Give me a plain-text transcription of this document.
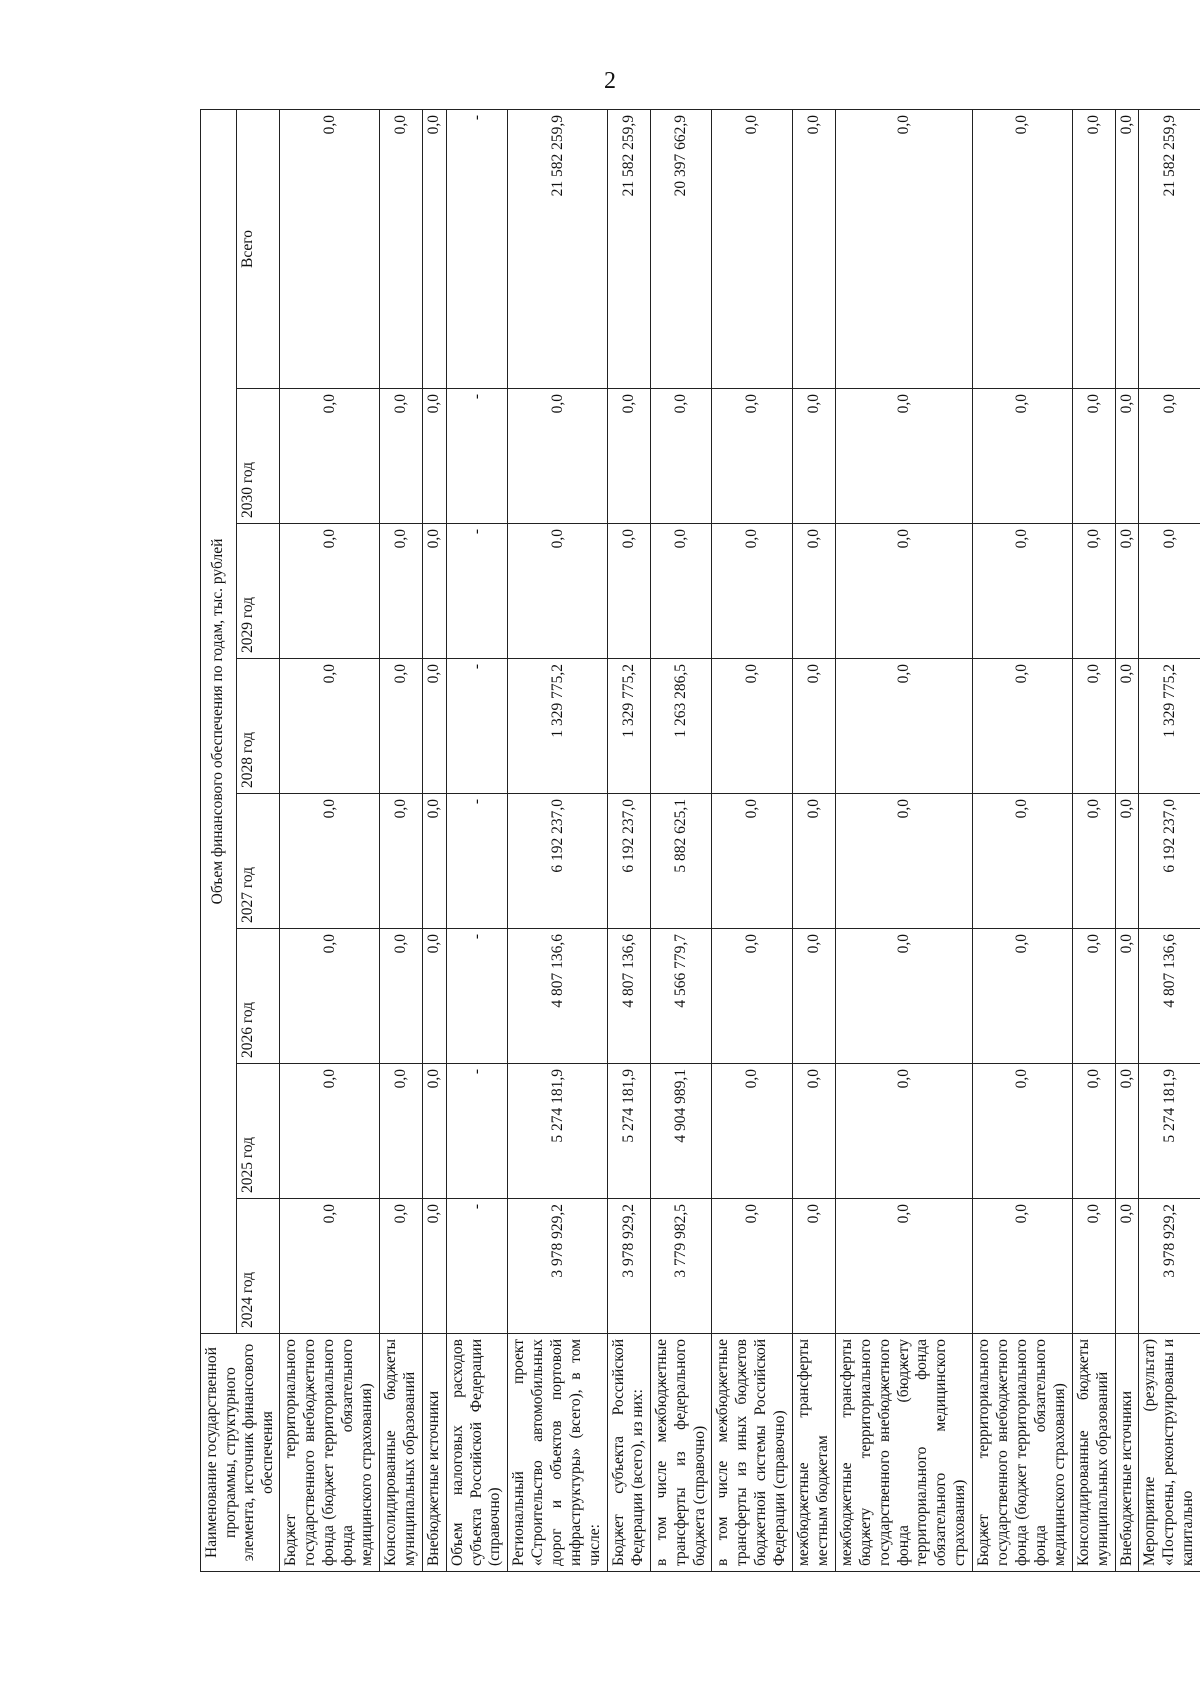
2
Наименование государственной программы, структурного элемента, источник финансового обеспечения	Объем финансового обеспечения по годам, тыс. рублей							
	2024 год	2025 год	2026 год	2027 год	2028 год	2029 год	2030 год	Всего
Бюджет территориального государственного внебюджетного фонда (бюджет территориального фонда обязательного медицинского страхования)	0,0	0,0	0,0	0,0	0,0	0,0	0,0	0,0
Консолидированные бюджеты муниципальных образований	0,0	0,0	0,0	0,0	0,0	0,0	0,0	0,0
Внебюджетные источники	0,0	0,0	0,0	0,0	0,0	0,0	0,0	0,0
Объем налоговых расходов субъекта Российской Федерации (справочно)	-	-	-	-	-	-	-	-
Региональный проект «Строительство автомобильных дорог и объектов портовой инфраструктуры» (всего), в том числе:	3 978 929,2	5 274 181,9	4 807 136,6	6 192 237,0	1 329 775,2	0,0	0,0	21 582 259,9
Бюджет субъекта Российской Федерации (всего), из них:	3 978 929,2	5 274 181,9	4 807 136,6	6 192 237,0	1 329 775,2	0,0	0,0	21 582 259,9
в том числе межбюджетные трансферты из федерального бюджета (справочно)	3 779 982,5	4 904 989,1	4 566 779,7	5 882 625,1	1 263 286,5	0,0	0,0	20 397 662,9
в том числе межбюджетные трансферты из иных бюджетов бюджетной системы Российской Федерации (справочно)	0,0	0,0	0,0	0,0	0,0	0,0	0,0	0,0
межбюджетные трансферты местным бюджетам	0,0	0,0	0,0	0,0	0,0	0,0	0,0	0,0
межбюджетные трансферты бюджету территориального государственного внебюджетного фонда (бюджету территориального фонда обязательного медицинского страхования)	0,0	0,0	0,0	0,0	0,0	0,0	0,0	0,0
Бюджет территориального государственного внебюджетного фонда (бюджет территориального фонда обязательного медицинского страхования)	0,0	0,0	0,0	0,0	0,0	0,0	0,0	0,0
Консолидированные бюджеты муниципальных образований	0,0	0,0	0,0	0,0	0,0	0,0	0,0	0,0
Внебюджетные источники	0,0	0,0	0,0	0,0	0,0	0,0	0,0	0,0
Мероприятие (результат) «Построены, реконструированы и капитально	3 978 929,2	5 274 181,9	4 807 136,6	6 192 237,0	1 329 775,2	0,0	0,0	21 582 259,9
